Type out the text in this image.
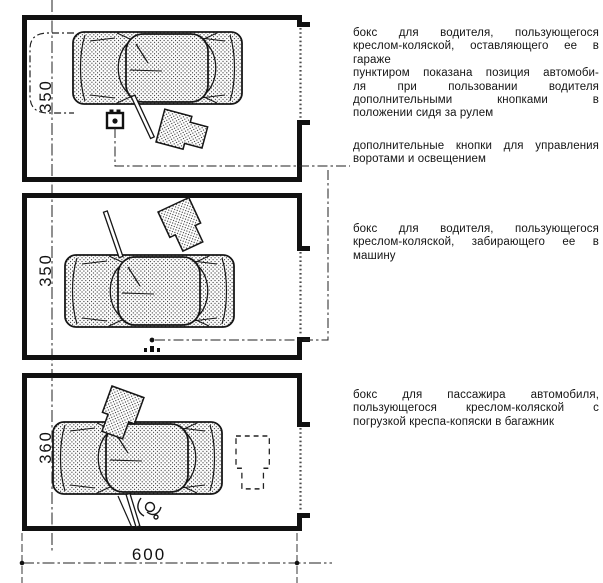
350
350
360
600
бокс для водителя, пользующегося
креслом-коляской, оставляющего ее в
гараже
пунктиром показана позиция автомоби-
ля при пользовании водителя
дополнительными кнопками в
положении сидя за рулем
дополнительные кнопки для управления
воротами и освещением
бокс для водителя, пользующегося
креслом-коляской, забирающего ее в
машину
бокс для пассажира автомобиля,
пользующегося креслом-коляской с
погрузкой креспа-копяски в багажник
